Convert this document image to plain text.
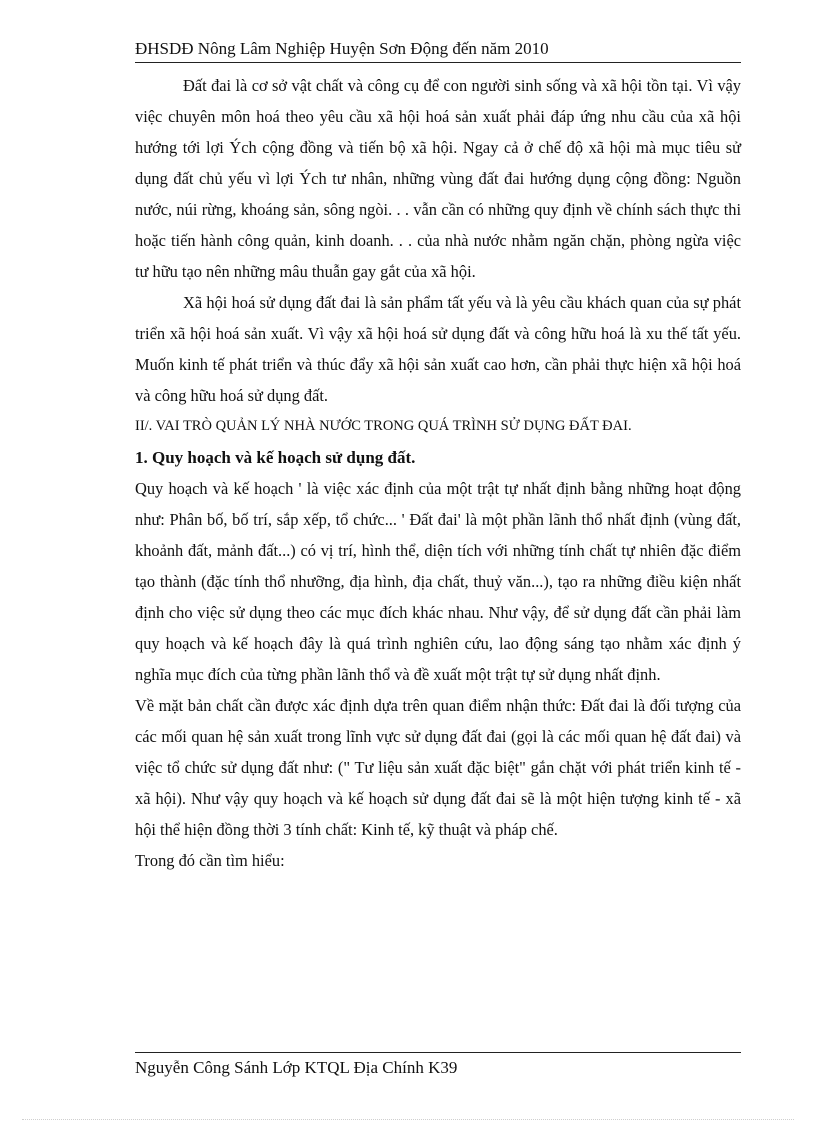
ĐHSDĐ Nông Lâm Nghiệp Huyện Sơn Động đến năm 2010

Đất đai là cơ sở vật chất và công cụ để con người sinh sống và xã hội tồn tại. Vì vậy việc chuyên môn hoá theo yêu cầu xã hội hoá sản xuất phải đáp ứng nhu cầu của xã hội hướng tới lợi Ých cộng đồng và tiến bộ xã hội. Ngay cả ở chế độ xã hội mà mục tiêu sử dụng đất chủ yếu vì lợi Ých tư nhân, những vùng đất đai hướng dụng cộng đồng: Nguồn nước, núi rừng, khoáng sản, sông ngòi. . . vẫn cần có những quy định về chính sách thực thi hoặc tiến hành công quản, kinh doanh. . . của nhà nước nhằm ngăn chặn, phòng ngừa việc tư hữu tạo nên những mâu thuẫn gay gắt của xã hội.

Xã hội hoá sử dụng đất đai là sản phẩm tất yếu và là yêu cầu khách quan của sự phát triển xã hội hoá sản xuất. Vì vậy xã hội hoá sử dụng đất và công hữu hoá là xu thế tất yếu. Muốn kinh tế phát triển và thúc đẩy xã hội sản xuất cao hơn, cần phải thực hiện xã hội hoá và công hữu hoá sử dụng đất.

II/. VAI TRÒ QUẢN LÝ NHÀ NƯỚC TRONG QUÁ TRÌNH SỬ DỤNG ĐẤT ĐAI.

1. Quy hoạch và kế hoạch sử dụng đất.

Quy hoạch và kế hoạch ' là việc xác định của một trật tự nhất định bằng những hoạt động như: Phân bố, bố trí, sắp xếp, tổ chức... ' Đất đai' là một phần lãnh thổ nhất định (vùng đất, khoảnh đất, mảnh đất...) có vị trí, hình thể, diện tích với những tính chất tự nhiên đặc điểm tạo thành (đặc tính thổ nhưỡng, địa hình, địa chất, thuỷ văn...), tạo ra những điều kiện nhất định cho việc sử dụng theo các mục đích khác nhau. Như vậy, để sử dụng đất cần phải làm quy hoạch và kế hoạch đây là quá trình nghiên cứu, lao động sáng tạo nhằm xác định ý nghĩa mục đích của từng phần lãnh thổ và đề xuất một trật tự sử dụng nhất định.

Về mặt bản chất cần được xác định dựa trên quan điểm nhận thức: Đất đai là đối tượng của các mối quan hệ sản xuất trong lĩnh vực sử dụng đất đai (gọi là các mối quan hệ đất đai) và việc tổ chức sử dụng đất như: (" Tư liệu sản xuất đặc biệt" gắn chặt với phát triển kinh tế - xã hội). Như vậy quy hoạch và kế hoạch sử dụng đất đai sẽ là một hiện tượng kinh tế - xã hội thể hiện đồng thời 3 tính chất: Kinh tế, kỹ thuật và pháp chế.

Trong đó cần tìm hiểu:

Nguyễn Công Sánh Lớp KTQL Địa Chính K39
